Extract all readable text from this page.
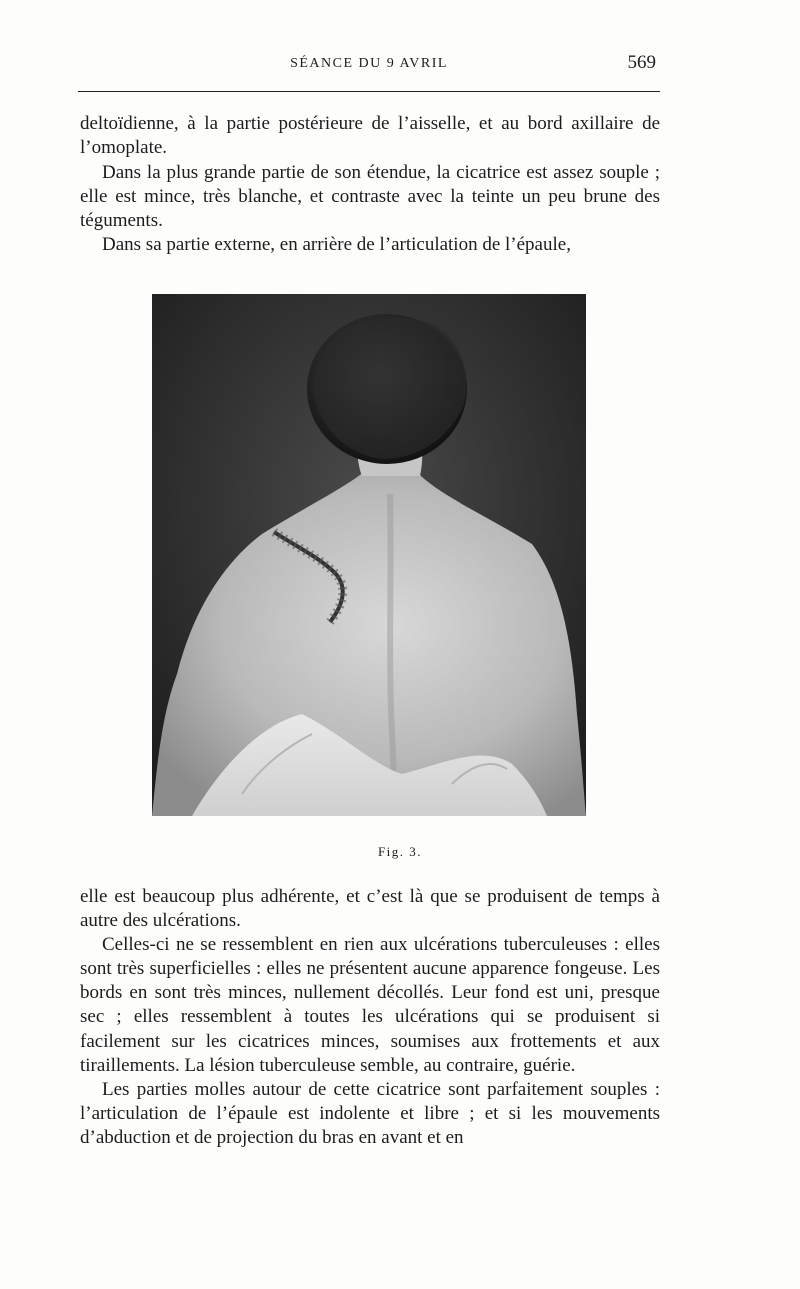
SÉANCE DU 9 AVRIL	569

deltoïdienne, à la partie postérieure de l’aisselle, et au bord axillaire de l’omoplate.

Dans la plus grande partie de son étendue, la cicatrice est assez souple ; elle est mince, très blanche, et contraste avec la teinte un peu brune des téguments.

Dans sa partie externe, en arrière de l’articulation de l’épaule,

Fig. 3.

elle est beaucoup plus adhérente, et c’est là que se produisent de temps à autre des ulcérations.

Celles-ci ne se ressemblent en rien aux ulcérations tuberculeuses : elles sont très superficielles : elles ne présentent aucune apparence fongeuse. Les bords en sont très minces, nullement décollés. Leur fond est uni, presque sec ; elles ressemblent à toutes les ulcérations qui se produisent si facilement sur les cicatrices minces, soumises aux frottements et aux tiraillements. La lésion tuberculeuse semble, au contraire, guérie.

Les parties molles autour de cette cicatrice sont parfaitement souples : l’articulation de l’épaule est indolente et libre ; et si les mouvements d’abduction et de projection du bras en avant et en
